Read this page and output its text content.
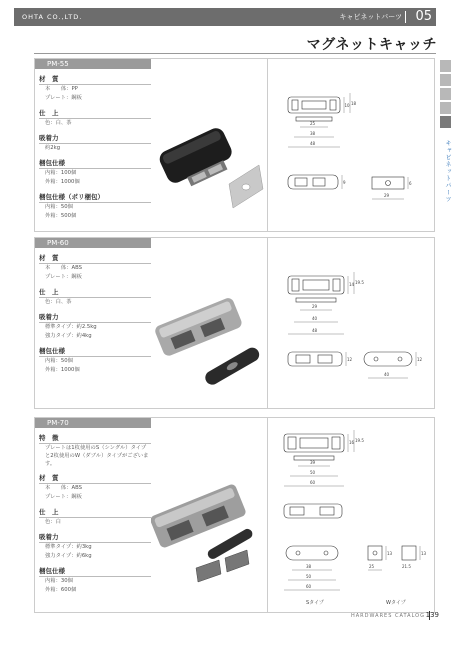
OHTA CO.,LTD.	キャビネットパーツ 05
マグネットキャッチ
キャビネットパーツ
PM-55
材　質
本　　体：PP
プレート：鋼板
仕　上
色：白、茶
吸着力
約2kg
梱包仕様
内箱：100個
外箱：1000個
梱包仕様（ポリ梱包）
内箱：50個
外箱：500個
10 18
25
38
48
9	6
29
PM-60
材　質
本　　体：ABS
プレート：鋼板
仕　上
色：白、茶
吸着力
標準タイプ：約2.5kg
強力タイプ：約4kg
梱包仕様
内箱：50個
外箱：1000個
14 19.5
29
40
48
12	12
40
PM-70
特　徴
プレートは1枚使用のS（シングル）タイプと2枚使用のW（ダブル）タイプがございます。
材　質
本　　体：ABS
プレート：鋼板
仕　上
色：白
吸着力
標準タイプ：約3kg
強力タイプ：約6kg
梱包仕様
内箱：30個
外箱：600個
16 19.5
39
50
60
38
50
60
13	13
25	21.5
Sタイプ	Wタイプ
HARDWARES CATALOG 139
